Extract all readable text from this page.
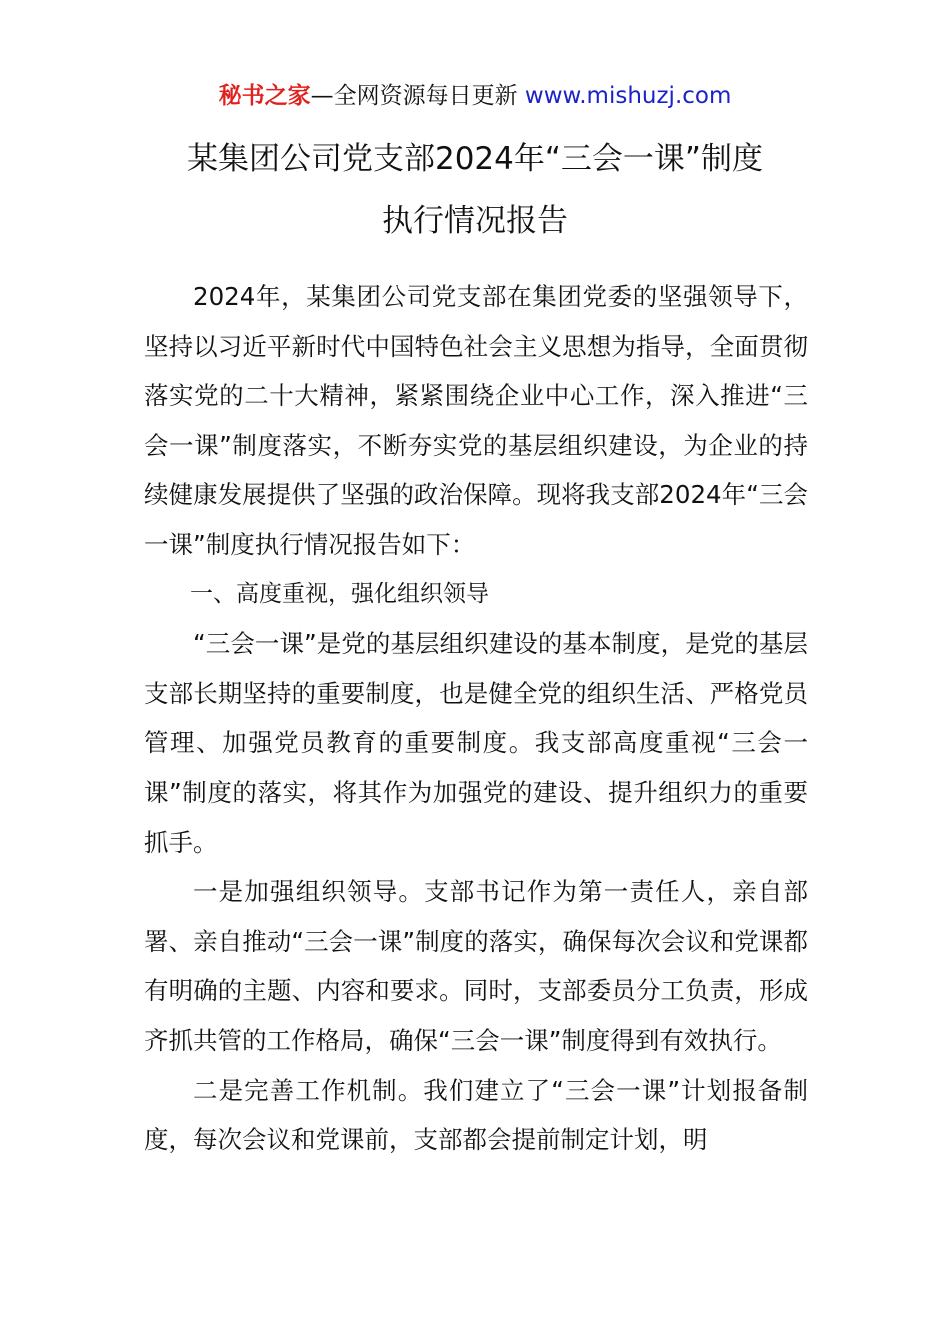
秘书之家—全网资源每日更新 www.mishuzj.com
某集团公司党支部2024年“三会一课”制度
执行情况报告

2024年，某集团公司党支部在集团党委的坚强领导下，坚持以习近平新时代中国特色社会主义思想为指导，全面贯彻落实党的二十大精神，紧紧围绕企业中心工作，深入推进“三会一课”制度落实，不断夯实党的基层组织建设，为企业的持续健康发展提供了坚强的政治保障。现将我支部2024年“三会一课”制度执行情况报告如下：

一、高度重视，强化组织领导

“三会一课”是党的基层组织建设的基本制度，是党的基层支部长期坚持的重要制度，也是健全党的组织生活、严格党员管理、加强党员教育的重要制度。我支部高度重视“三会一课”制度的落实，将其作为加强党的建设、提升组织力的重要抓手。

一是加强组织领导。支部书记作为第一责任人，亲自部署、亲自推动“三会一课”制度的落实，确保每次会议和党课都有明确的主题、内容和要求。同时，支部委员分工负责，形成齐抓共管的工作格局，确保“三会一课”制度得到有效执行。

二是完善工作机制。我们建立了“三会一课”计划报备制度，每次会议和党课前，支部都会提前制定计划，明
